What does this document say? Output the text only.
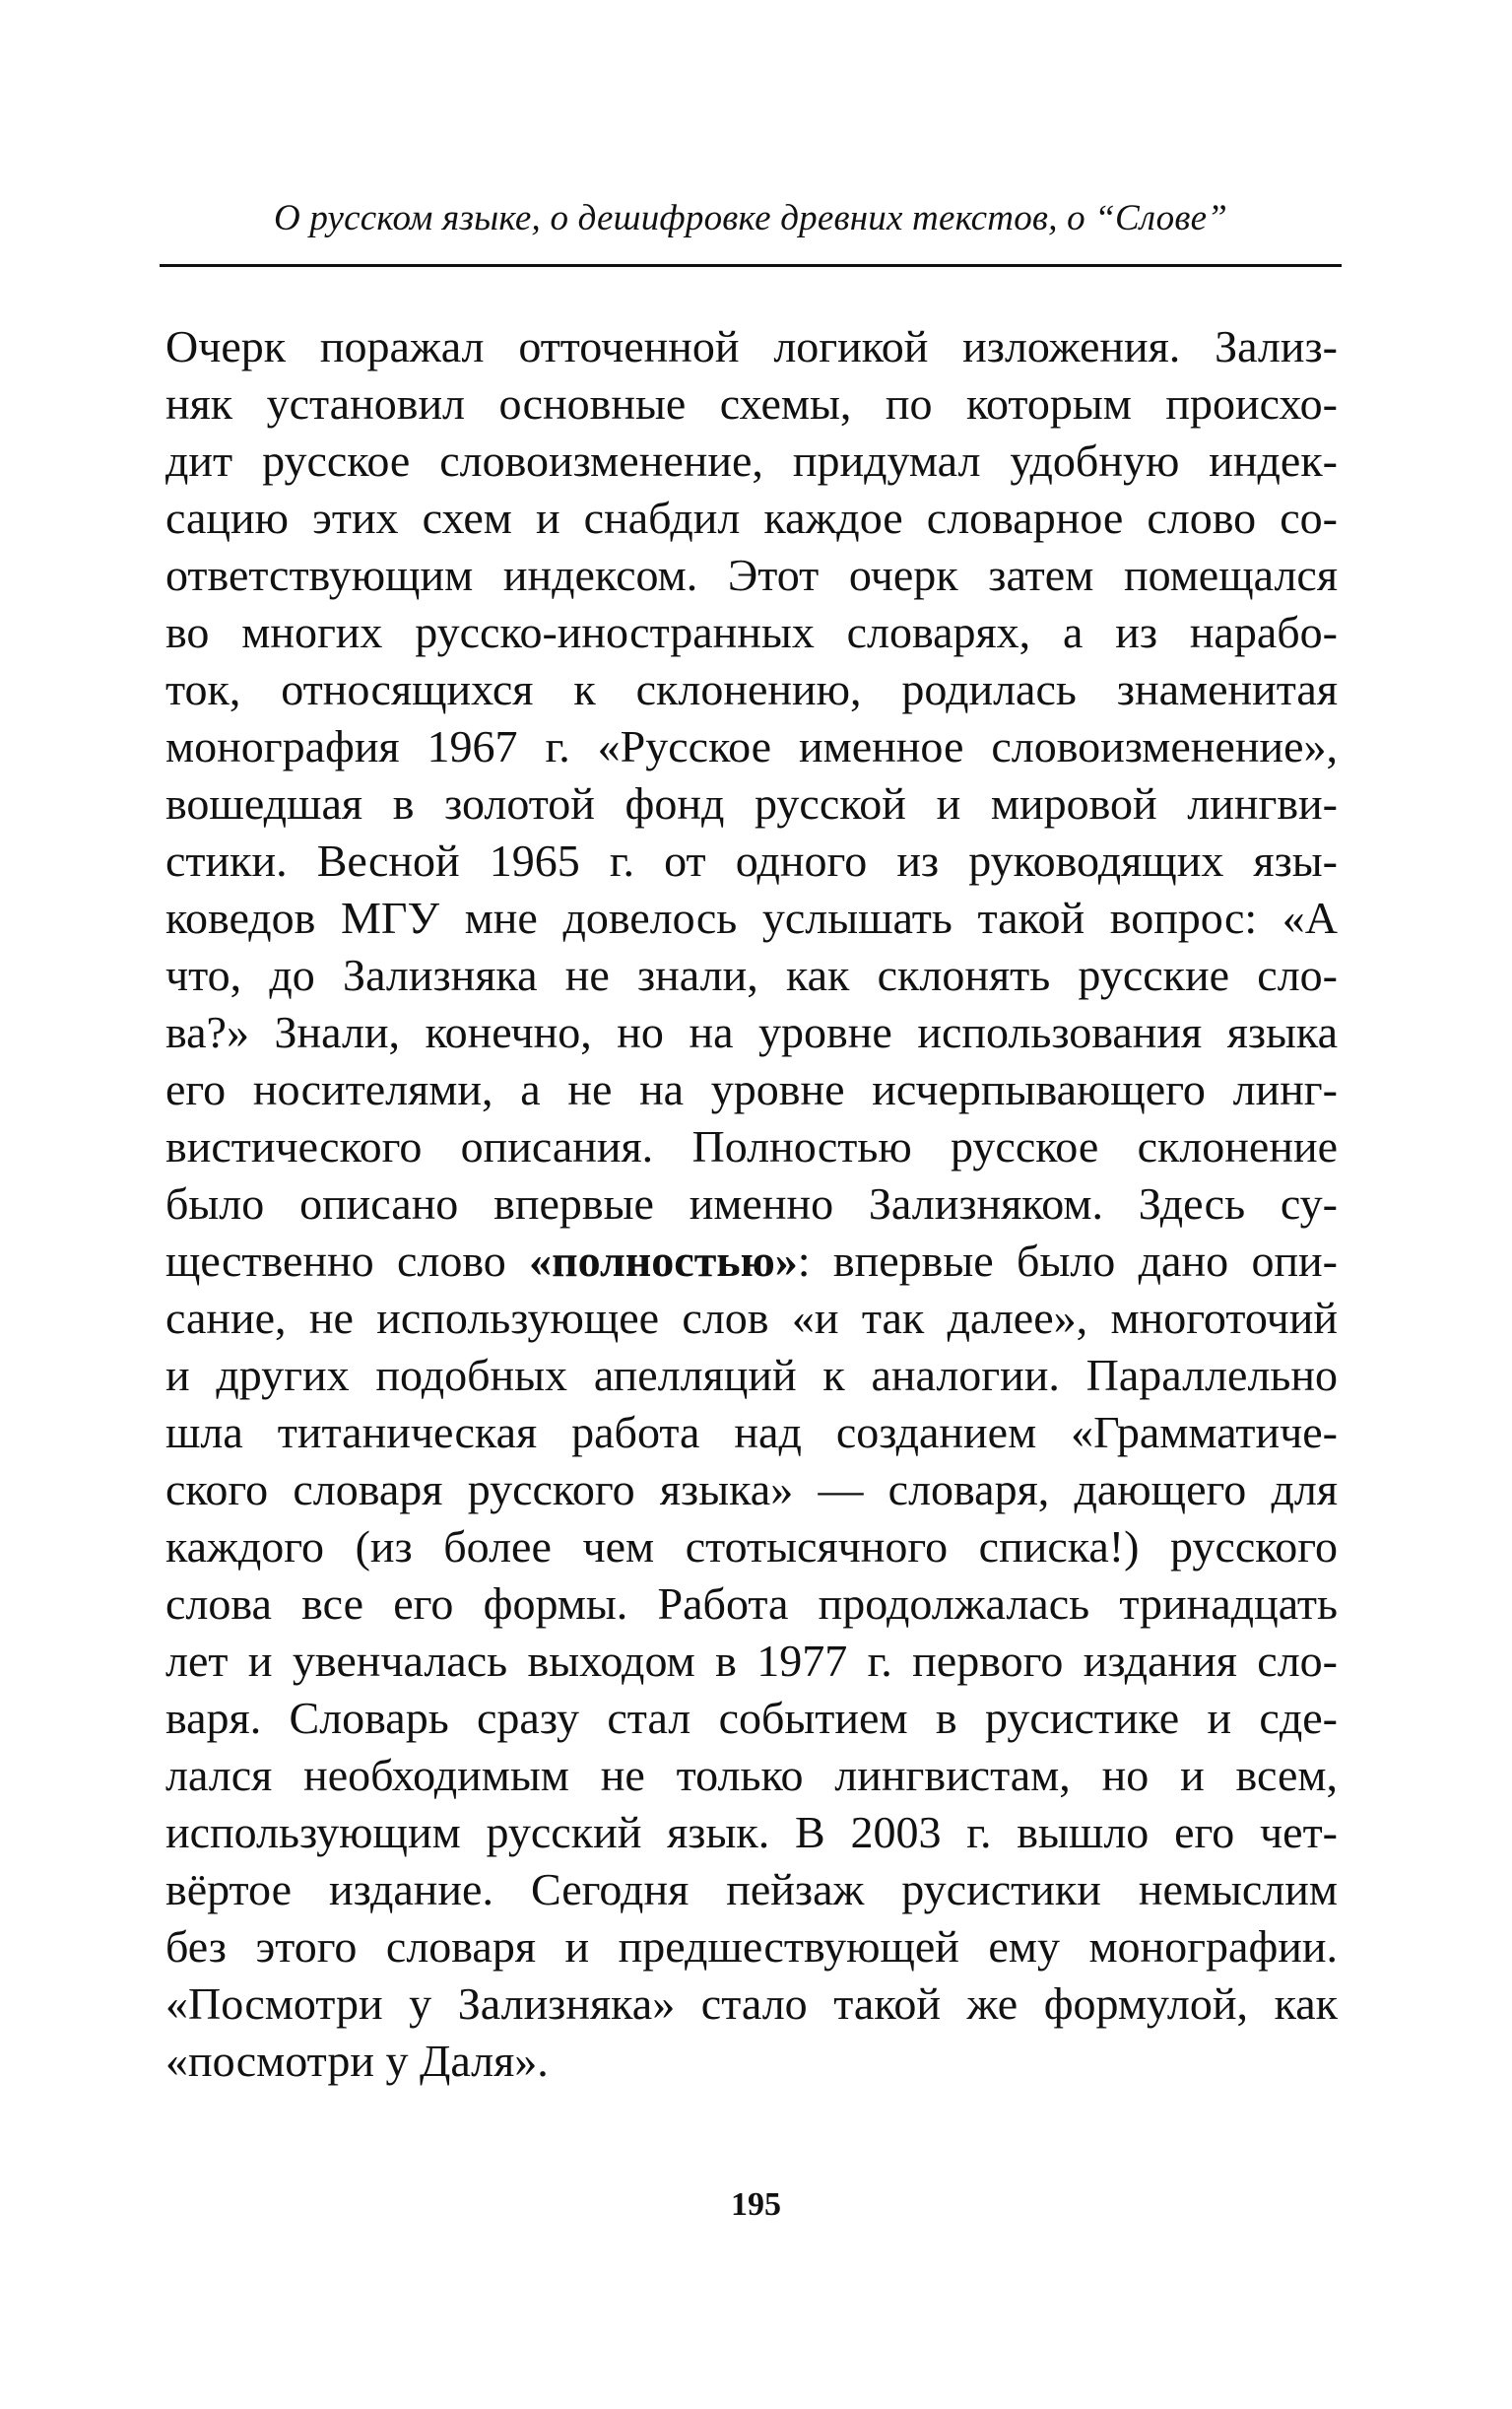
О русском языке, о дешифровке древних текстов, о “Слове”
Очерк поражал отточенной логикой изложения. Зализ-
няк установил основные схемы, по которым происхо-
дит русское словоизменение, придумал удобную индек-
сацию этих схем и снабдил каждое словарное слово со-
ответствующим индексом. Этот очерк затем помещался
во многих русско-иностранных словарях, а из нарабо-
ток, относящихся к склонению, родилась знаменитая
монография 1967 г. «Русское именное словоизменение»,
вошедшая в золотой фонд русской и мировой лингви-
стики. Весной 1965 г. от одного из руководящих язы-
коведов МГУ мне довелось услышать такой вопрос: «А
что, до Зализняка не знали, как склонять русские сло-
ва?» Знали, конечно, но на уровне использования языка
его носителями, а не на уровне исчерпывающего линг-
вистического описания. Полностью русское склонение
было описано впервые именно Зализняком. Здесь су-
щественно слово «полностью»: впервые было дано опи-
сание, не использующее слов «и так далее», многоточий
и других подобных апелляций к аналогии. Параллельно
шла титаническая работа над созданием «Грамматиче-
ского словаря русского языка» — словаря, дающего для
каждого (из более чем стотысячного списка!) русского
слова все его формы. Работа продолжалась тринадцать
лет и увенчалась выходом в 1977 г. первого издания сло-
варя. Словарь сразу стал событием в русистике и сде-
лался необходимым не только лингвистам, но и всем,
использующим русский язык. В 2003 г. вышло его чет-
вёртое издание. Сегодня пейзаж русистики немыслим
без этого словаря и предшествующей ему монографии.
«Посмотри у Зализняка» стало такой же формулой, как
«посмотри у Даля».
195
